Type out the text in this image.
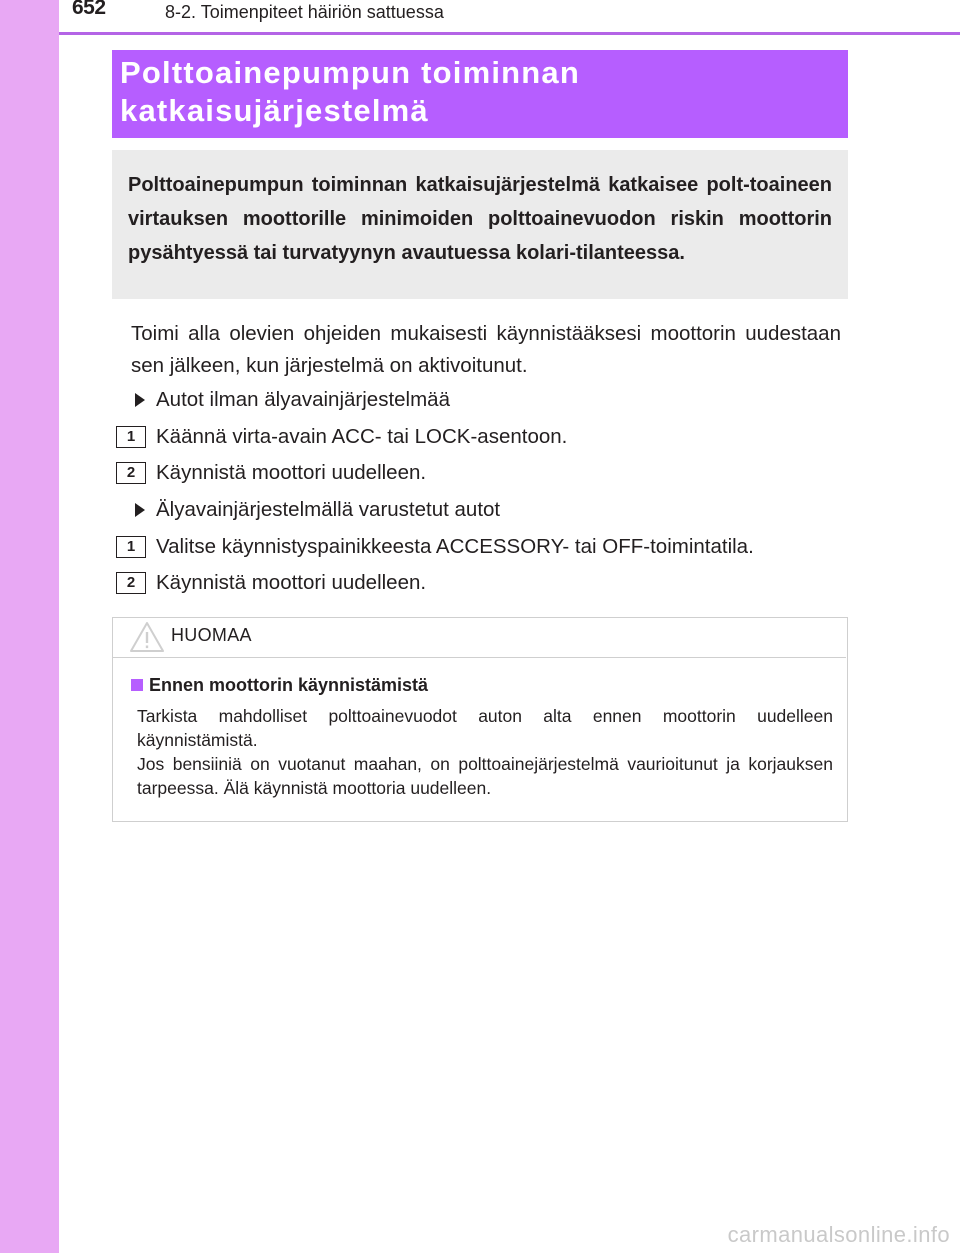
652	8-2. Toimenpiteet häiriön sattuessa
Polttoainepumpun toiminnan
katkaisujärjestelmä

Polttoainepumpun toiminnan katkaisujärjestelmä katkaisee polt-toaineen virtauksen moottorille minimoiden polttoainevuodon riskin moottorin pysähtyessä tai turvatyynyn avautuessa kolari-tilanteessa.

Toimi alla olevien ohjeiden mukaisesti käynnistääksesi moottorin uudestaan sen jälkeen, kun järjestelmä on aktivoitunut.

Autot ilman älyavainjärjestelmää
1	Käännä virta-avain ACC- tai LOCK-asentoon.
2	Käynnistä moottori uudelleen.
Älyavainjärjestelmällä varustetut autot
1	Valitse käynnistyspainikkeesta ACCESSORY- tai OFF-toimintatila.
2	Käynnistä moottori uudelleen.
HUOMAA
Ennen moottorin käynnistämistä

Tarkista mahdolliset polttoainevuodot auton alta ennen moottorin uudelleen käynnistämistä.

Jos bensiiniä on vuotanut maahan, on polttoainejärjestelmä vaurioitunut ja korjauksen tarpeessa. Älä käynnistä moottoria uudelleen.

carmanualsonline.info
